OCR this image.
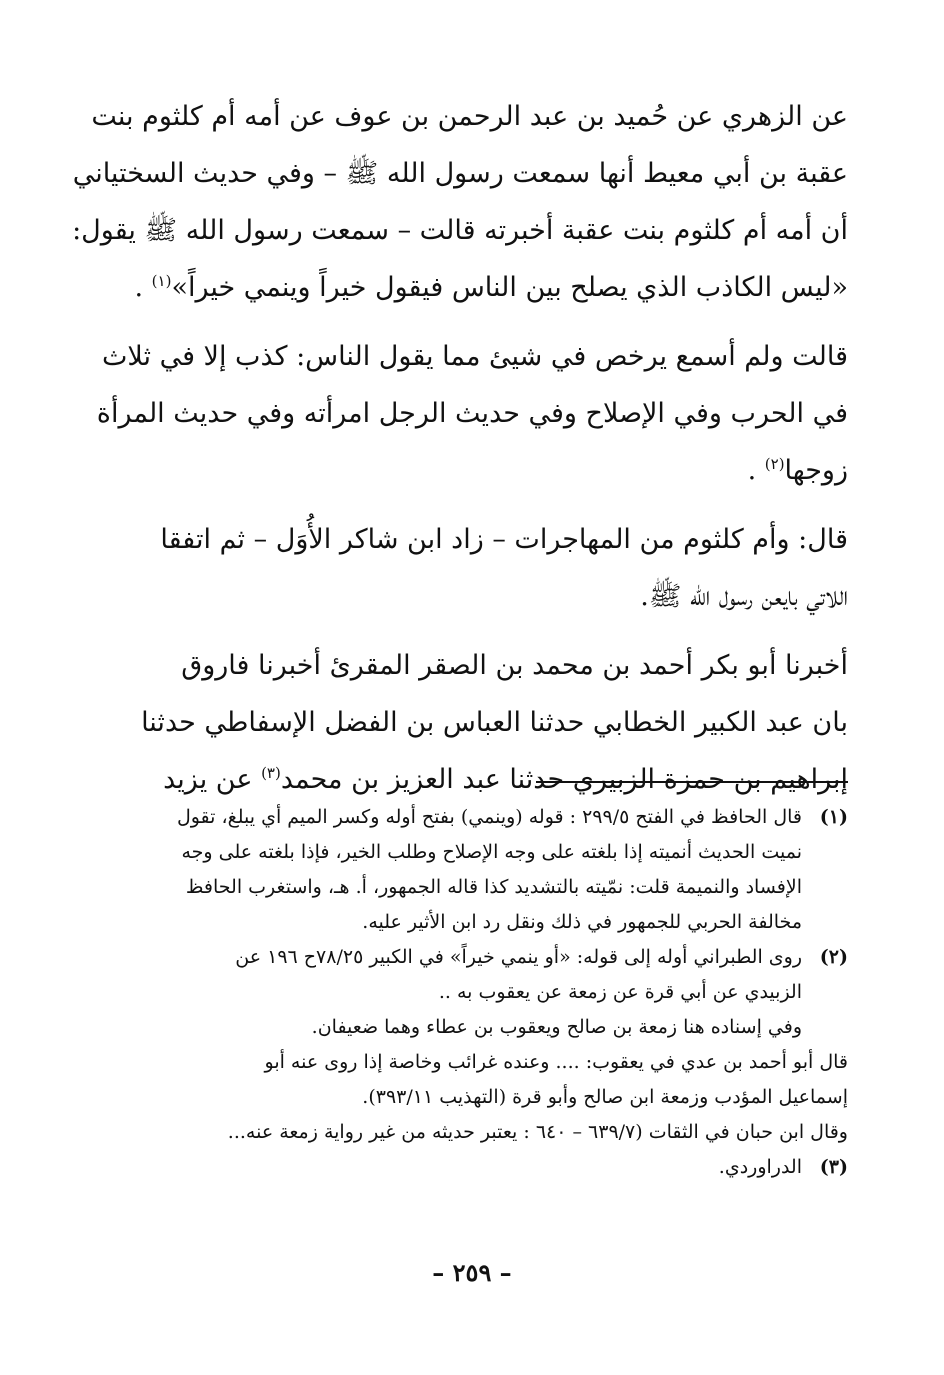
عن الزهري عن حُميد بن عبد الرحمن بن عوف عن أمه أم كلثوم بنت
عقبة بن أبي معيط أنها سمعت رسول الله ﷺ – وفي حديث السختياني
أن أمه أم كلثوم بنت عقبة أخبرته قالت – سمعت رسول الله ﷺ يقول:
«ليس الكاذب الذي يصلح بين الناس فيقول خيراً وينمي خيراً»$^{(١)}$ .

قالت ولم أسمع يرخص في شيئ مما يقول الناس: كذب إلا في ثلاث
في الحرب وفي الإصلاح وفي حديث الرجل امرأته وفي حديث المرأة
زوجها$^{(٢)}$ .

قال: وأم كلثوم من المهاجرات – زاد ابن شاكر الأُوَل – ثم اتفقا
اللاتي بايعن رسول الله ﷺ.

أخبرنا أبو بكر أحمد بن محمد بن الصقر المقرئ أخبرنا فاروق
بان عبد الكبير الخطابي حدثنا العباس بن الفضل الإسفاطي حدثنا
إبراهيم بن حمزة الزبيري حدثنا عبد العزيز بن محمد$^{(٣)}$ عن يزيد

(١)
قال الحافظ في الفتح ٢٩٩/٥ : قوله (وينمي) بفتح أوله وكسر الميم أي يبلغ، تقول
نميت الحديث أنميته إذا بلغته على وجه الإصلاح وطلب الخير، فإذا بلغته على وجه
الإفساد والنميمة قلت: نمّيته بالتشديد كذا قاله الجمهور، أ. هـ، واستغرب الحافظ
مخالفة الحربي للجمهور في ذلك ونقل رد ابن الأثير عليه.
(٢)
روى الطبراني أوله إلى قوله: «أو ينمي خيراً» في الكبير ٧٨/٢٥ح ١٩٦ عن
الزبيدي عن أبي قرة عن زمعة عن يعقوب به ..
وفي إسناده هنا زمعة بن صالح ويعقوب بن عطاء وهما ضعيفان.
قال أبو أحمد بن عدي في يعقوب: .... وعنده غرائب وخاصة إذا روى عنه أبو
إسماعيل المؤدب وزمعة ابن صالح وأبو قرة (التهذيب ٣٩٣/١١).
وقال ابن حبان في الثقات (٦٣٩/٧ – ٦٤٠ : يعتبر حديثه من غير رواية زمعة عنه...
(٣)
الدراوردي.
– ٢٥٩ –
